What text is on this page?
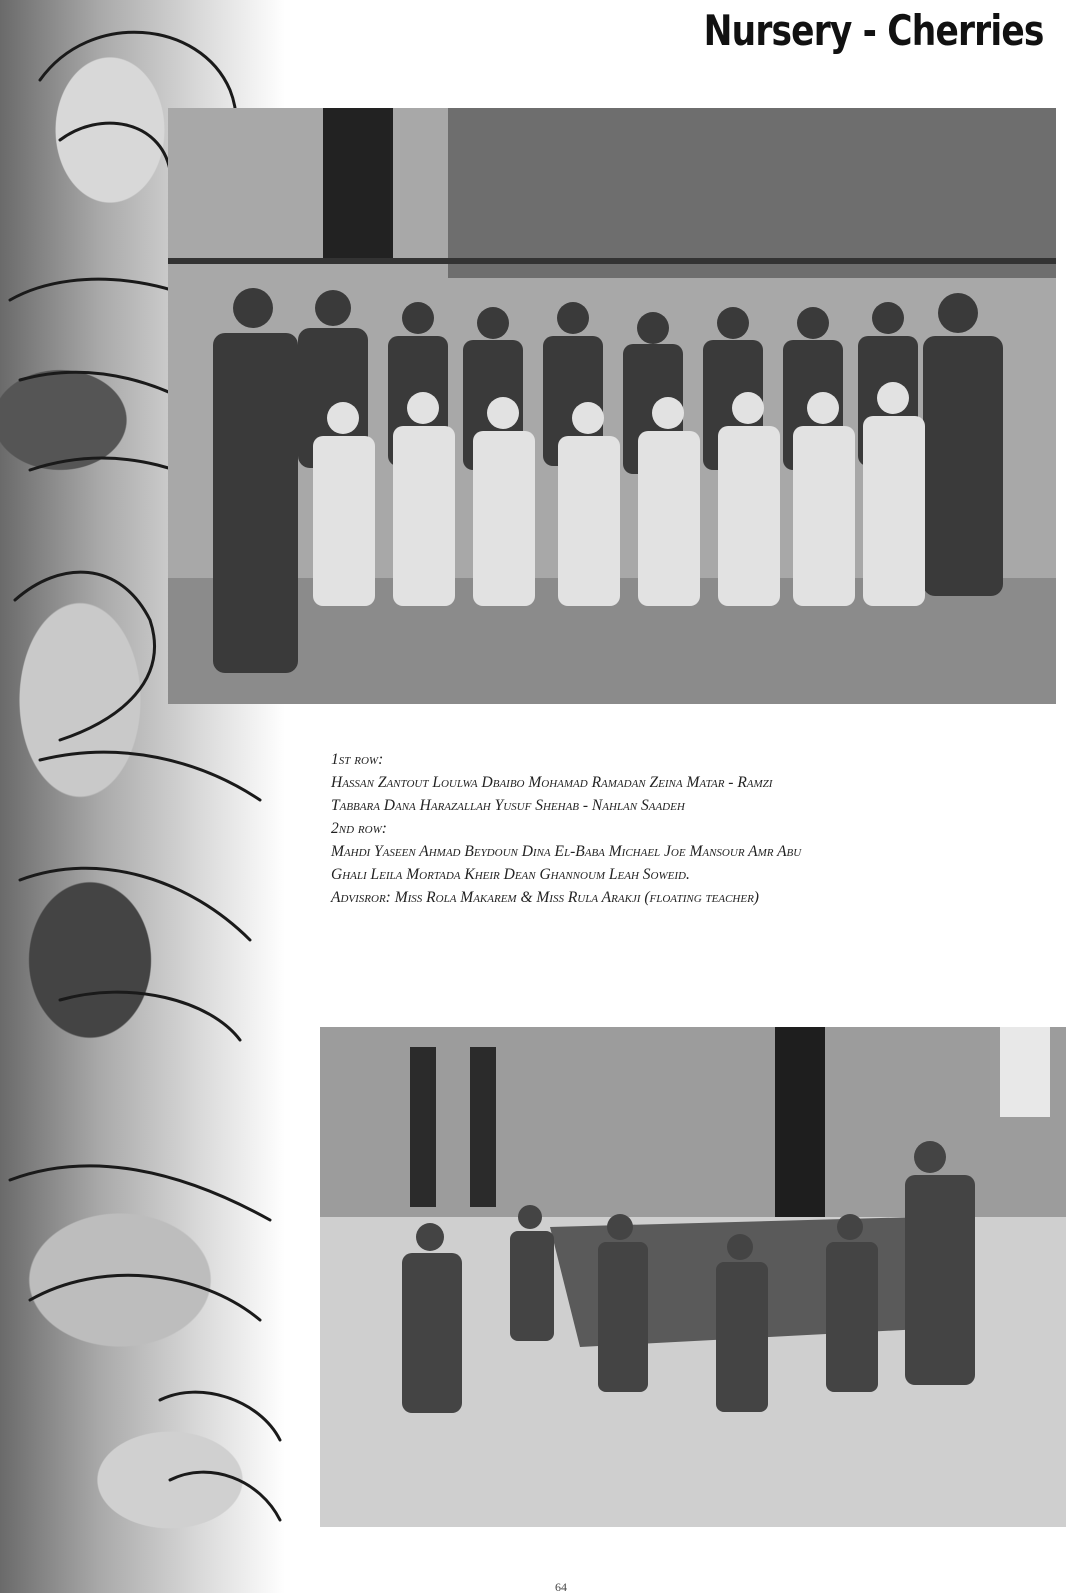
Nursery - Cherries
1st row:
Hassan Zantout Loulwa Dbaibo Mohamad Ramadan Zeina Matar - Ramzi
Tabbara Dana Harazallah Yusuf Shehab - Nahlan Saadeh
2nd row:
Mahdi Yaseen Ahmad Beydoun Dina El-Baba Michael Joe Mansour Amr Abu
Ghali Leila Mortada Kheir Dean Ghannoum Leah Soweid.
Advisror: Miss Rola Makarem & Miss Rula Arakji (floating teacher)
64
